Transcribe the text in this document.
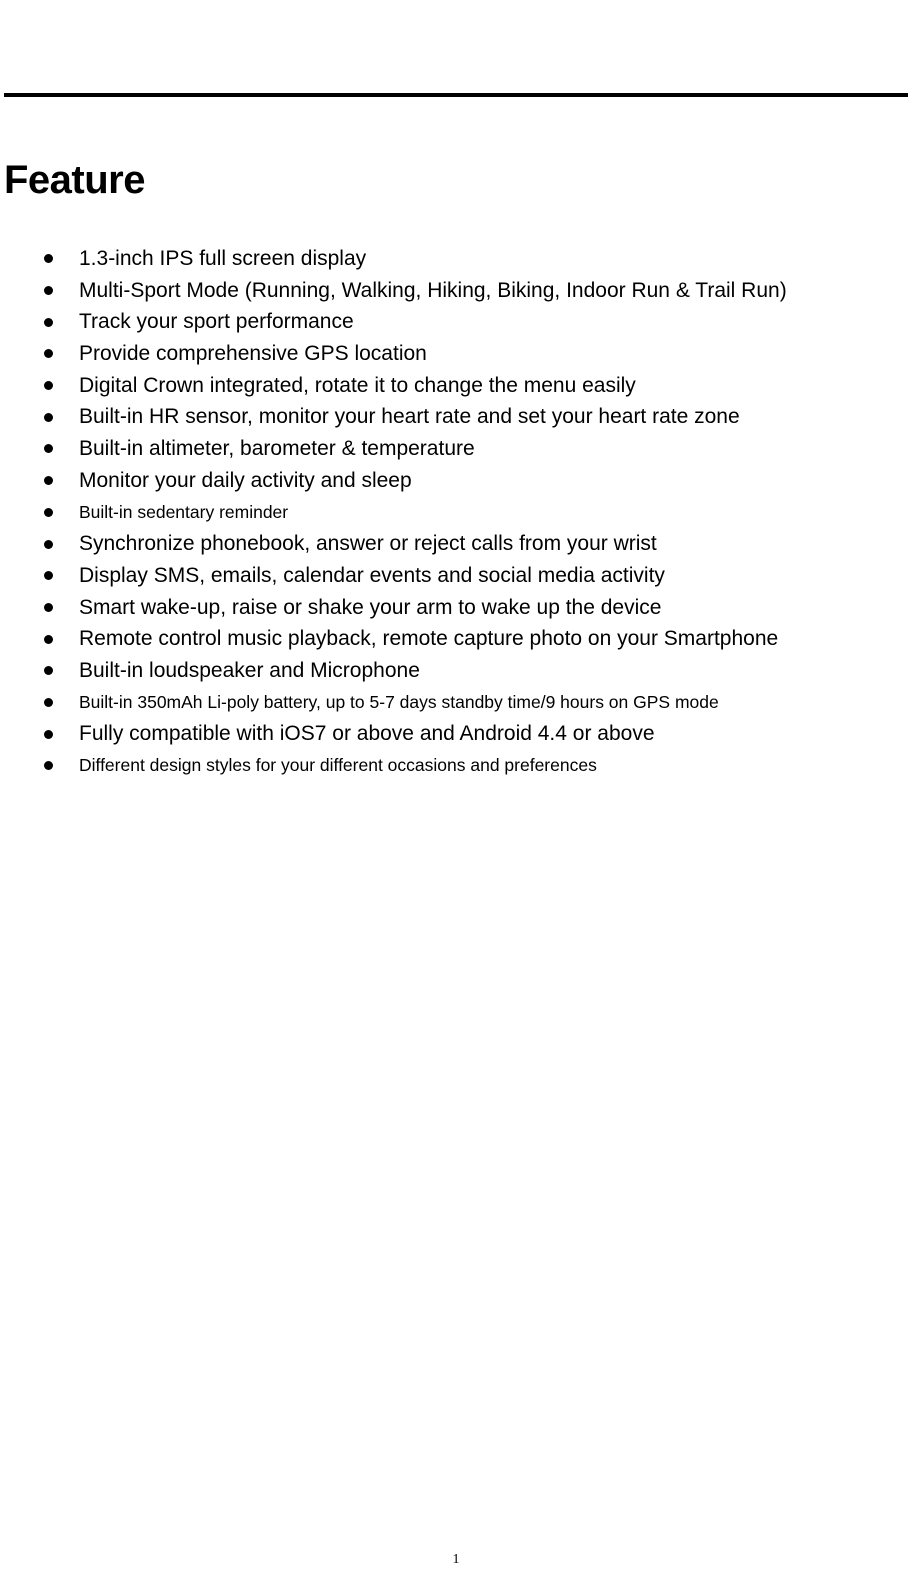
Feature
1.3-inch IPS full screen display
Multi-Sport Mode (Running, Walking, Hiking, Biking, Indoor Run & Trail Run)
Track your sport performance
Provide comprehensive GPS location
Digital Crown integrated, rotate it to change the menu easily
Built-in HR sensor, monitor your heart rate and set your heart rate zone
Built-in altimeter, barometer & temperature
Monitor your daily activity and sleep
Built-in sedentary reminder
Synchronize phonebook, answer or reject calls from your wrist
Display SMS, emails, calendar events and social media activity
Smart wake-up, raise or shake your arm to wake up the device
Remote control music playback, remote capture photo on your Smartphone
Built-in loudspeaker and Microphone
Built-in 350mAh Li-poly battery, up to 5-7 days standby time/9 hours on GPS mode
Fully compatible with iOS7 or above and Android 4.4 or above
Different design styles for your different occasions and preferences
1
